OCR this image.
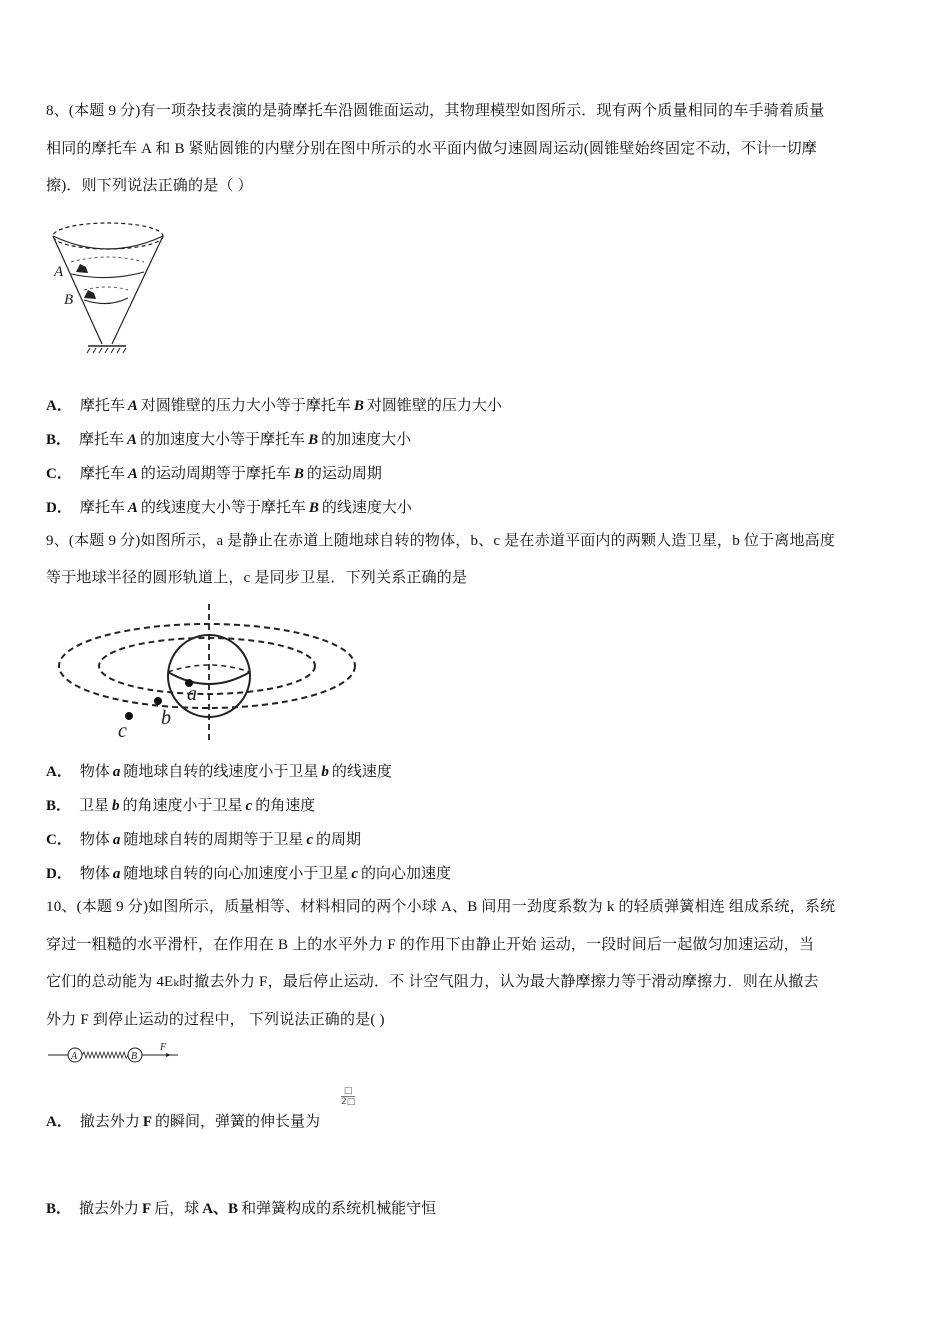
8、(本题 9 分)有一项杂技表演的是骑摩托车沿圆锥面运动，其物理模型如图所示．现有两个质量相同的车手骑着质量
相同的摩托车 A 和 B 紧贴圆锥的内壁分别在图中所示的水平面内做匀速圆周运动(圆锥壁始终固定不动，不计一切摩
擦)．则下列说法正确的是（ ）
A
B
A． 摩托车 A 对圆锥壁的压力大小等于摩托车 B 对圆锥壁的压力大小
B． 摩托车 A 的加速度大小等于摩托车 B 的加速度大小
C． 摩托车 A 的运动周期等于摩托车 B 的运动周期
D． 摩托车 A 的线速度大小等于摩托车 B 的线速度大小
9、(本题 9 分)如图所示，a 是静止在赤道上随地球自转的物体，b、c 是在赤道平面内的两颗人造卫星，b 位于离地高度
等于地球半径的圆形轨道上，c 是同步卫星．下列关系正确的是
a
b
c
A． 物体 a 随地球自转的线速度小于卫星 b 的线速度
B． 卫星 b 的角速度小于卫星 c 的角速度
C． 物体 a 随地球自转的周期等于卫星 c 的周期
D． 物体 a 随地球自转的向心加速度小于卫星 c 的向心加速度
10、(本题 9 分)如图所示，质量相等、材料相同的两个小球 A、B 间用一劲度系数为 k 的轻质弹簧相连 组成系统，系统
穿过一粗糙的水平滑杆，在作用在 B 上的水平外力 F 的作用下由静止开始 运动，一段时间后一起做匀加速运动，当
它们的总动能为 4Eₖ时撤去外力 F，最后停止运动．不 计空气阻力，认为最大静摩擦力等于滑动摩擦力．则在从撤去
外力 F 到停止运动的过程中， 下列说法正确的是( )
A	B
F
A． 撤去外力 F 的瞬间，弹簧的伸长量为
□
2□
B． 撤去外力 F 后，球 A、B 和弹簧构成的系统机械能守恒
